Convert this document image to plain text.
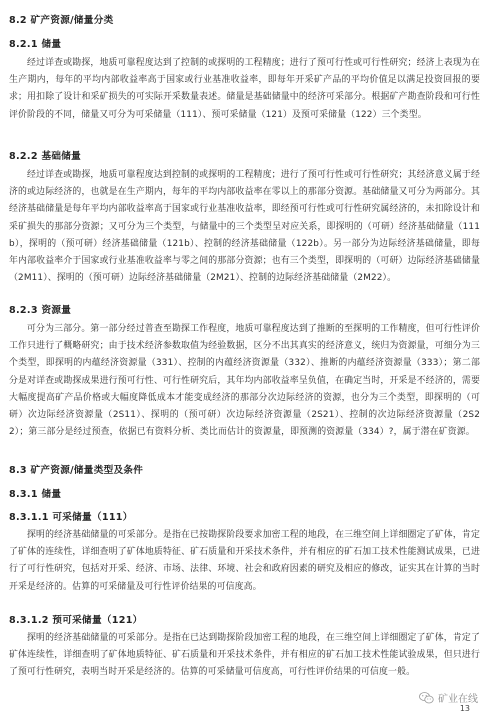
8.2 矿产资源/储量分类
8.2.1 储量
经过详查或勘探，地质可靠程度达到了控制的或探明的工程精度；进行了预可行性或可行性研究；经济上表现为在生产期内，每年的平均内部收益率高于国家或行业基准收益率，即每年开采矿产品的平均价值足以满足投资回报的要求；用扣除了设计和采矿损失的可实际开采数量表述。储量是基础储量中的经济可采部分。根据矿产勘查阶段和可行性评价阶段的不同，储量又可分为可采储量（111）、预可采储量（121）及预可采储量（122）三个类型。
8.2.2 基础储量
经过详查或勘探，地质可靠程度达到控制的或探明的工程精度；进行了预可行性或可行性研究；其经济意义属于经济的或边际经济的，也就是在生产期内，每年的平均内部收益率在零以上的那部分资源。基础储量又可分为两部分。其经济基础储量是每年平均内部收益率高于国家或行业基准收益率，即经预可行性或可行性研究属经济的，未扣除设计和采矿损失的那部分资源；又可分为三个类型，与储量中的三个类型呈对应关系，即探明的（可研）经济基础储量（111b），探明的（预可研）经济基础储量（121b）、控制的经济基础储量（122b）。另一部分为边际经济基础储量，即每年内部收益率介于国家或行业基准收益率与零之间的那部分资源；也有三个类型，即探明的（可研）边际经济基础储量（2M11）、探明的（预可研）边际经济基础储量（2M21）、控制的边际经济基础储量（2M22）。
8.2.3 资源量
可分为三部分。第一部分经过普查至勘探工作程度，地质可靠程度达到了推断的至探明的工作精度，但可行性评价工作只进行了概略研究；由于技术经济参数取值为经验数据，区分不出其真实的经济意义，统归为资源量，可细分为三个类型，即探明的内蕴经济资源量（331）、控制的内蕴经济资源量（332）、推断的内蕴经济资源量（333）；第二部分是对详查或勘探成果进行预可行性、可行性研究后，其年均内部收益率呈负值，在确定当时，开采是不经济的，需要大幅度提高矿产品价格或大幅度降低成本才能变成经济的那部分次边际经济的资源，也分为三个类型，即探明的（可研）次边际经济资源量（2S11）、探明的（预可研）次边际经济资源量（2S21）、控制的次边际经济资源量（2S22）；第三部分是经过预查，依据已有资料分析、类比而估计的资源量，即预测的资源量（334）?，属于潜在矿资源。
8.3 矿产资源/储量类型及条件
8.3.1 储量
8.3.1.1 可采储量（111）
探明的经济基础储量的可采部分。是指在已按勘探阶段要求加密工程的地段，在三维空间上详细圈定了矿体，肯定了矿体的连续性，详细查明了矿体地质特征、矿石质量和开采技术条件，并有相应的矿石加工技术性能测试成果，已进行了可行性研究，包括对开采、经济、市场、法律、环境、社会和政府因素的研究及相应的修改，证实其在计算的当时开采是经济的。估算的可采储量及可行性评价结果的可信度高。
8.3.1.2 预可采储量（121）
探明的经济基础储量的可采部分。是指在已达到勘探阶段加密工程的地段，在三维空间上详细圈定了矿体，肯定了矿体连续性，详细查明了矿体地质特征、矿石质量和开采技术条件，并有相应的矿石加工技术性能试验成果，但只进行了预可行性研究，表明当时开采是经济的。估算的可采储量可信度高，可行性评价结果的可信度一般。
矿业在线
13
